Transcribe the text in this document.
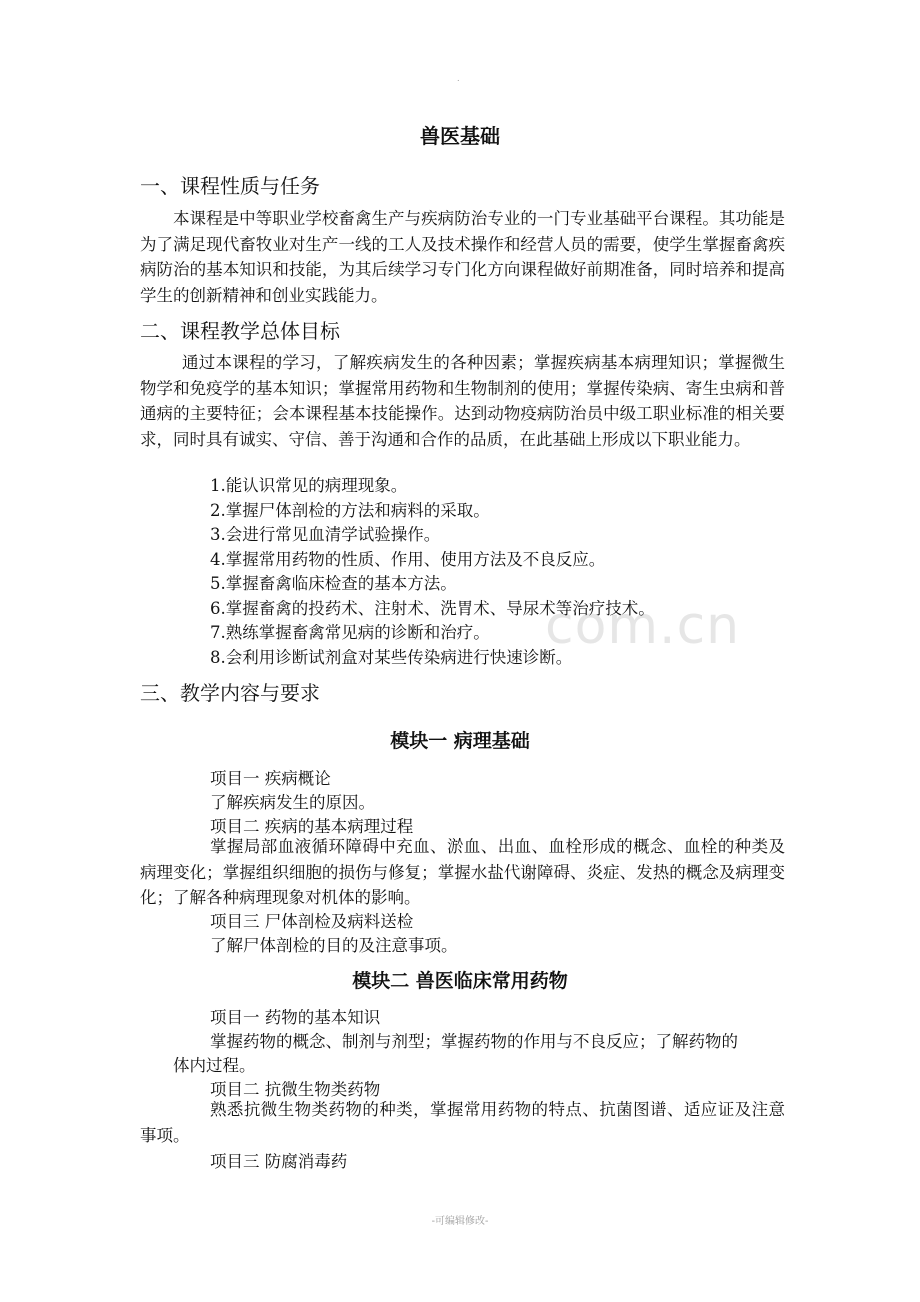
.
com.cn
兽医基础
一、课程性质与任务

本课程是中等职业学校畜禽生产与疾病防治专业的一门专业基础平台课程。其功能是为了满足现代畜牧业对生产一线的工人及技术操作和经营人员的需要，使学生掌握畜禽疾病防治的基本知识和技能，为其后续学习专门化方向课程做好前期准备，同时培养和提高学生的创新精神和创业实践能力。

二、课程教学总体目标

通过本课程的学习，了解疾病发生的各种因素；掌握疾病基本病理知识；掌握微生物学和免疫学的基本知识；掌握常用药物和生物制剂的使用；掌握传染病、寄生虫病和普通病的主要特征；会本课程基本技能操作。达到动物疫病防治员中级工职业标准的相关要求，同时具有诚实、守信、善于沟通和合作的品质，在此基础上形成以下职业能力。

1.能认识常见的病理现象。
2.掌握尸体剖检的方法和病料的采取。
3.会进行常见血清学试验操作。
4.掌握常用药物的性质、作用、使用方法及不良反应。
5.掌握畜禽临床检查的基本方法。
6.掌握畜禽的投药术、注射术、洗胃术、导尿术等治疗技术。
7.熟练掌握畜禽常见病的诊断和治疗。
8.会利用诊断试剂盒对某些传染病进行快速诊断。
三、教学内容与要求
模块一 病理基础
项目一 疾病概论
了解疾病发生的原因。
项目二 疾病的基本病理过程

掌握局部血液循环障碍中充血、淤血、出血、血栓形成的概念、血栓的种类及病理变化；掌握组织细胞的损伤与修复；掌握水盐代谢障碍、炎症、发热的概念及病理变化；了解各种病理现象对机体的影响。

项目三 尸体剖检及病料送检
了解尸体剖检的目的及注意事项。
模块二 兽医临床常用药物
项目一 药物的基本知识
掌握药物的概念、制剂与剂型；掌握药物的作用与不良反应；了解药物的
体内过程。
项目二 抗微生物类药物

熟悉抗微生物类药物的种类，掌握常用药物的特点、抗菌图谱、适应证及注意事项。

项目三 防腐消毒药
-可编辑修改-
